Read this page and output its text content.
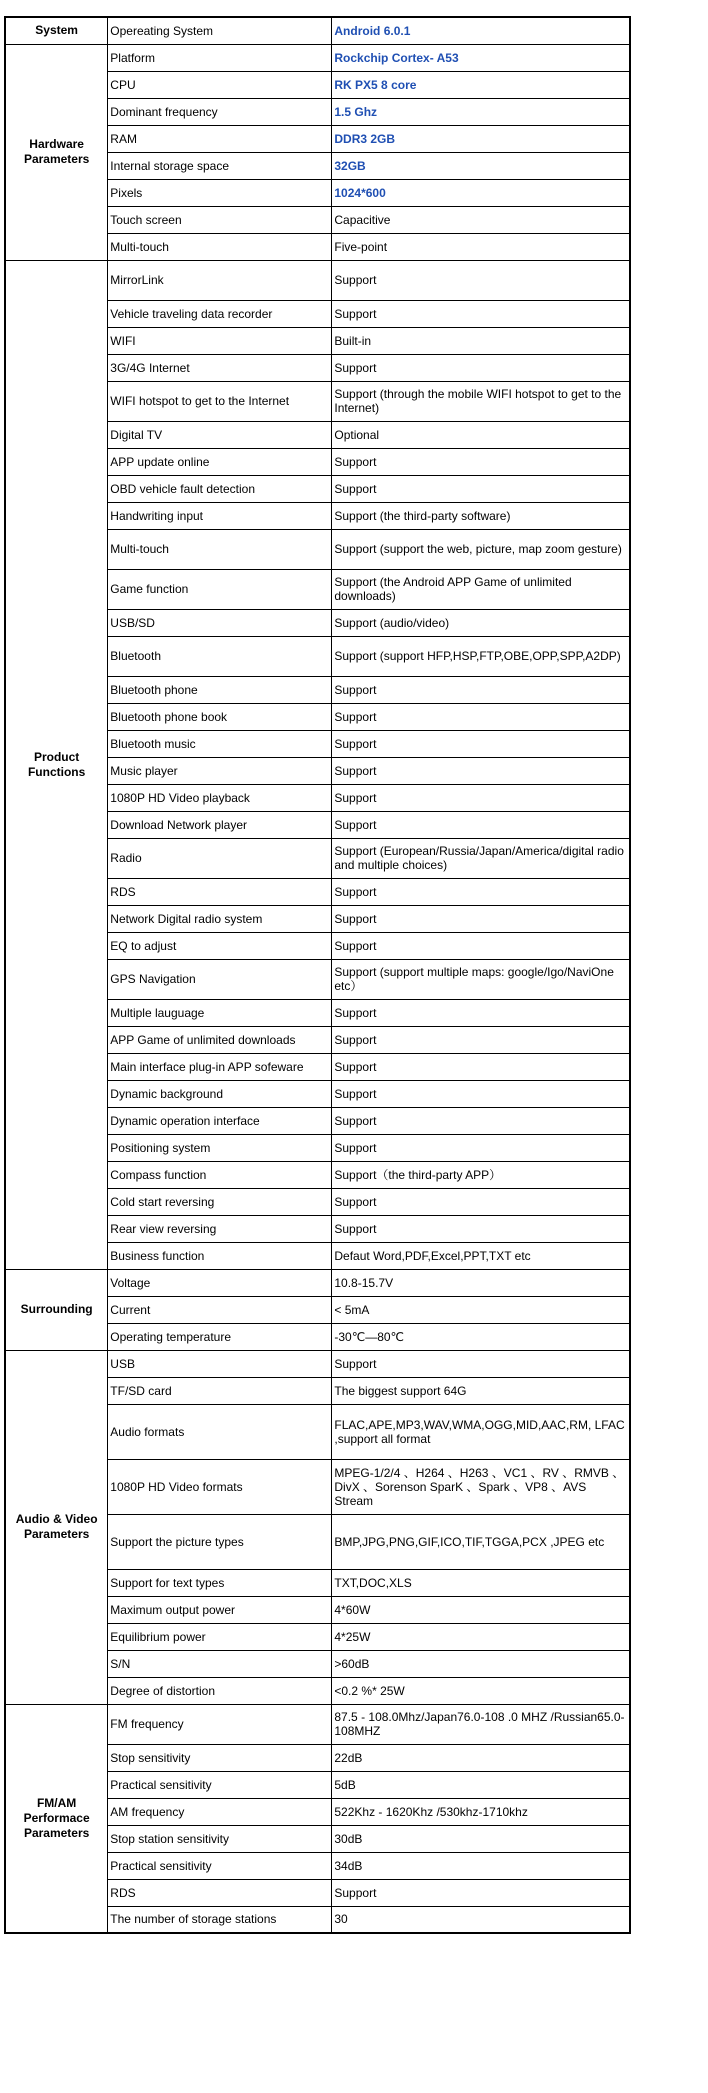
System	Opereating System	Android 6.0.1
Hardware
Parameters	Platform	Rockchip Cortex- A53
	CPU	RK PX5 8 core
	Dominant frequency	1.5 Ghz
	RAM	DDR3 2GB
	Internal storage space	32GB
	Pixels	1024*600
	Touch screen	Capacitive
	Multi-touch	Five-point
Product
Functions	MirrorLink	Support
	Vehicle traveling data recorder	Support
	WIFI	Built-in
	3G/4G Internet	Support
	WIFI hotspot to get to the Internet	Support (through the mobile WIFI hotspot to get to the Internet)
	Digital TV	Optional
	APP update online	Support
	OBD vehicle fault detection	Support
	Handwriting input	Support (the third-party software)
	Multi-touch	Support (support the web, picture, map zoom gesture)
	Game function	Support (the Android APP Game of unlimited downloads)
	USB/SD	Support (audio/video)
	Bluetooth	Support (support HFP,HSP,FTP,OBE,OPP,SPP,A2DP)
	Bluetooth phone	Support
	Bluetooth phone book	Support
	Bluetooth music	Support
	Music player	Support
	1080P HD Video playback	Support
	Download Network player	Support
	Radio	Support (European/Russia/Japan/America/digital radio and multiple choices)
	RDS	Support
	Network Digital radio system	Support
	EQ to adjust	Support
	GPS Navigation	Support (support multiple maps: google/Igo/NaviOne etc）
	Multiple lauguage	Support
	APP Game of unlimited downloads	Support
	Main interface plug-in APP sofeware	Support
	Dynamic background	Support
	Dynamic operation interface	Support
	Positioning system	Support
	Compass function	Support（the third-party APP）
	Cold start reversing	Support
	Rear view reversing	Support
	Business function	Defaut Word,PDF,Excel,PPT,TXT etc
Surrounding	Voltage	10.8-15.7V
	Current	< 5mA
	Operating temperature	-30℃—80℃
Audio & Video
Parameters	USB	Support
	TF/SD card	The biggest support 64G
	Audio formats	FLAC,APE,MP3,WAV,WMA,OGG,MID,AAC,RM, LFAC ,support all format
	1080P HD Video formats	MPEG-1/2/4 、H264 、H263 、VC1 、RV 、RMVB 、DivX 、Sorenson SparK 、Spark 、VP8 、AVS Stream
	Support the picture types	BMP,JPG,PNG,GIF,ICO,TIF,TGGA,PCX ,JPEG etc
	Support for text types	TXT,DOC,XLS
	Maximum output power	4*60W
	Equilibrium power	4*25W
	S/N	>60dB
	Degree of distortion	<0.2 %* 25W
FM/AM
Performace
Parameters	FM frequency	87.5 - 108.0Mhz/Japan76.0-108 .0 MHZ /Russian65.0-108MHZ
	Stop sensitivity	22dB
	Practical sensitivity	5dB
	AM frequency	522Khz - 1620Khz /530khz-1710khz
	Stop station sensitivity	30dB
	Practical sensitivity	34dB
	RDS	Support
	The number of storage stations	30
